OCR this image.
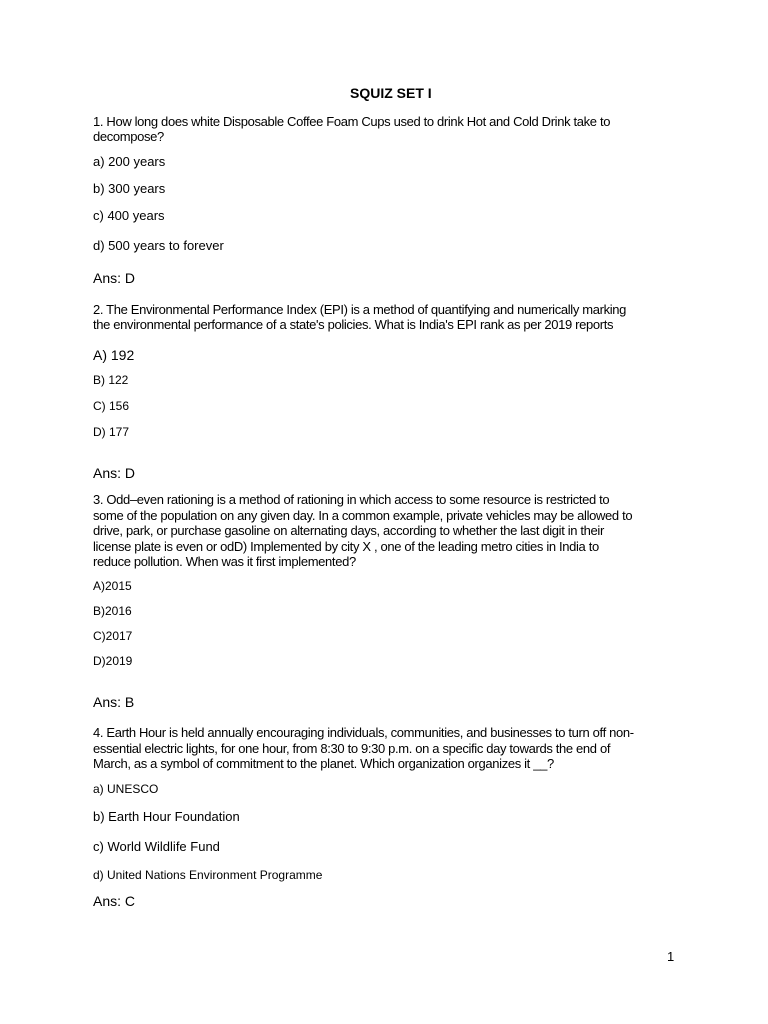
SQUIZ SET I
1. How long does white Disposable Coffee Foam Cups used to drink Hot and Cold Drink take to
decompose?
a) 200 years
b) 300 years
c) 400 years
d) 500 years to forever
Ans: D
2. The Environmental Performance Index (EPI) is a method of quantifying and numerically marking
the environmental performance of a state's policies. What is India's EPI rank as per 2019 reports
A) 192
B) 122
C) 156
D) 177
Ans: D
3. Odd–even rationing is a method of rationing in which access to some resource is restricted to
some of the population on any given day. In a common example, private vehicles may be allowed to
drive, park, or purchase gasoline on alternating days, according to whether the last digit in their
license plate is even or odD) Implemented by city X , one of the leading metro cities in India to
reduce pollution. When was it first implemented?
A)2015
B)2016
C)2017
D)2019
Ans: B
4. Earth Hour is held annually encouraging individuals, communities, and businesses to turn off non-
essential electric lights, for one hour, from 8:30 to 9:30 p.m. on a specific day towards the end of
March, as a symbol of commitment to the planet. Which organization organizes it __?
a) UNESCO
b) Earth Hour Foundation
c) World Wildlife Fund
d) United Nations Environment Programme
Ans: C
1
